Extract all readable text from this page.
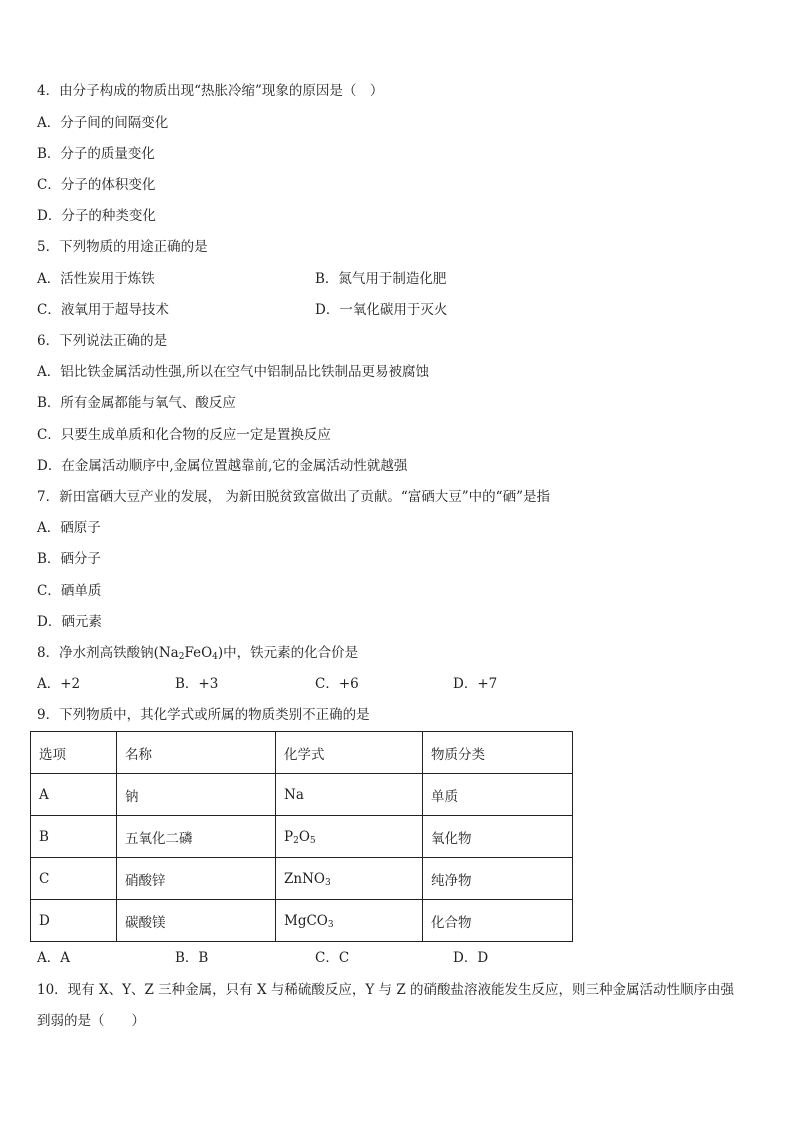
4．由分子构成的物质出现“热胀冷缩”现象的原因是（　）
A．分子间的间隔变化
B．分子的质量变化
C．分子的体积变化
D．分子的种类变化
5．下列物质的用途正确的是
A．活性炭用于炼铁	B．氮气用于制造化肥
C．液氧用于超导技术	D．一氧化碳用于灭火
6．下列说法正确的是
A．铝比铁金属活动性强,所以在空气中铝制品比铁制品更易被腐蚀
B．所有金属都能与氧气、酸反应
C．只要生成单质和化合物的反应一定是置换反应
D．在金属活动顺序中,金属位置越靠前,它的金属活动性就越强
7．新田富硒大豆产业的发展， 为新田脱贫致富做出了贡献。“富硒大豆”中的“硒”是指
A．硒原子
B．硒分子
C．硒单质
D．硒元素
8．净水剂高铁酸钠$(Na_2FeO_4)$中，铁元素的化合价是
A．+2	B．+3	C．+6	D．+7
9．下列物质中，其化学式或所属的物质类别不正确的是
选项	名称	化学式	物质分类
A	钠	Na	单质
B	五氧化二磷	$P_2O_5$	氧化物
C	硝酸锌	ZnNO$_3$	纯净物
D	碳酸镁	MgCO$_3$	化合物
A．A	B．B	C．C	D．D
10．现有 X、Y、Z 三种金属，只有 X 与稀硫酸反应，Y 与 Z 的硝酸盐溶液能发生反应，则三种金属活动性顺序由强
到弱的是（　　）
